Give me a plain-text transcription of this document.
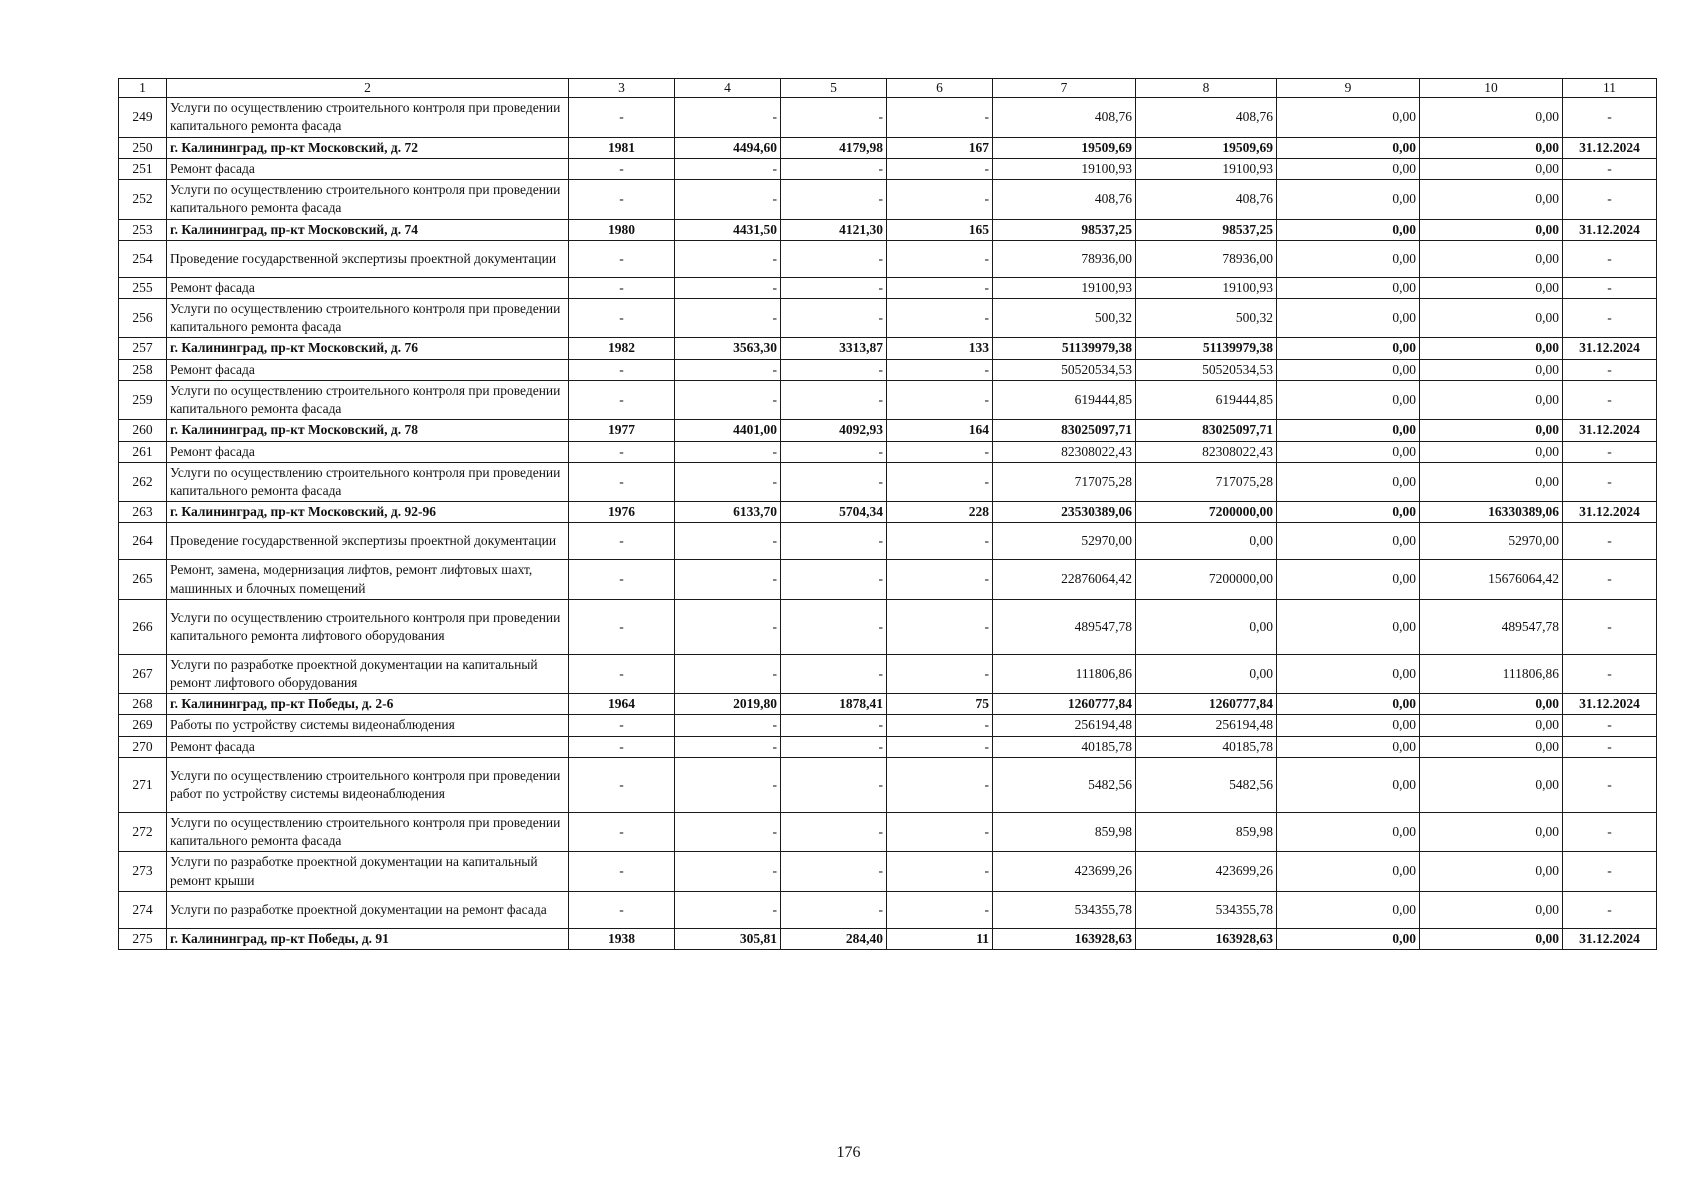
1	2	3	4	5	6	7	8	9	10	11
249	Услуги по осуществлению строительного контроля при проведении капитального ремонта фасада	-	-	-	-	408,76	408,76	0,00	0,00	-
250	г. Калининград, пр-кт Московский, д. 72	1981	4494,60	4179,98	167	19509,69	19509,69	0,00	0,00	31.12.2024
251	Ремонт фасада	-	-	-	-	19100,93	19100,93	0,00	0,00	-
252	Услуги по осуществлению строительного контроля при проведении капитального ремонта фасада	-	-	-	-	408,76	408,76	0,00	0,00	-
253	г. Калининград, пр-кт Московский, д. 74	1980	4431,50	4121,30	165	98537,25	98537,25	0,00	0,00	31.12.2024
254	Проведение государственной экспертизы проектной документации	-	-	-	-	78936,00	78936,00	0,00	0,00	-
255	Ремонт фасада	-	-	-	-	19100,93	19100,93	0,00	0,00	-
256	Услуги по осуществлению строительного контроля при проведении капитального ремонта фасада	-	-	-	-	500,32	500,32	0,00	0,00	-
257	г. Калининград, пр-кт Московский, д. 76	1982	3563,30	3313,87	133	51139979,38	51139979,38	0,00	0,00	31.12.2024
258	Ремонт фасада	-	-	-	-	50520534,53	50520534,53	0,00	0,00	-
259	Услуги по осуществлению строительного контроля при проведении капитального ремонта фасада	-	-	-	-	619444,85	619444,85	0,00	0,00	-
260	г. Калининград, пр-кт Московский, д. 78	1977	4401,00	4092,93	164	83025097,71	83025097,71	0,00	0,00	31.12.2024
261	Ремонт фасада	-	-	-	-	82308022,43	82308022,43	0,00	0,00	-
262	Услуги по осуществлению строительного контроля при проведении капитального ремонта фасада	-	-	-	-	717075,28	717075,28	0,00	0,00	-
263	г. Калининград, пр-кт Московский, д. 92-96	1976	6133,70	5704,34	228	23530389,06	7200000,00	0,00	16330389,06	31.12.2024
264	Проведение государственной экспертизы проектной документации	-	-	-	-	52970,00	0,00	0,00	52970,00	-
265	Ремонт, замена, модернизация лифтов, ремонт лифтовых шахт, машинных и блочных помещений	-	-	-	-	22876064,42	7200000,00	0,00	15676064,42	-
266	Услуги по осуществлению строительного контроля при проведении капитального ремонта лифтового оборудования	-	-	-	-	489547,78	0,00	0,00	489547,78	-
267	Услуги по разработке проектной документации на капитальный ремонт лифтового оборудования	-	-	-	-	111806,86	0,00	0,00	111806,86	-
268	г. Калининград, пр-кт Победы, д. 2-6	1964	2019,80	1878,41	75	1260777,84	1260777,84	0,00	0,00	31.12.2024
269	Работы по устройству системы видеонаблюдения	-	-	-	-	256194,48	256194,48	0,00	0,00	-
270	Ремонт фасада	-	-	-	-	40185,78	40185,78	0,00	0,00	-
271	Услуги по осуществлению строительного контроля при проведении работ по устройству системы видеонаблюдения	-	-	-	-	5482,56	5482,56	0,00	0,00	-
272	Услуги по осуществлению строительного контроля при проведении капитального ремонта фасада	-	-	-	-	859,98	859,98	0,00	0,00	-
273	Услуги по разработке проектной документации на капитальный ремонт крыши	-	-	-	-	423699,26	423699,26	0,00	0,00	-
274	Услуги по разработке проектной документации на ремонт фасада	-	-	-	-	534355,78	534355,78	0,00	0,00	-
275	г. Калининград, пр-кт Победы, д. 91	1938	305,81	284,40	11	163928,63	163928,63	0,00	0,00	31.12.2024
176
